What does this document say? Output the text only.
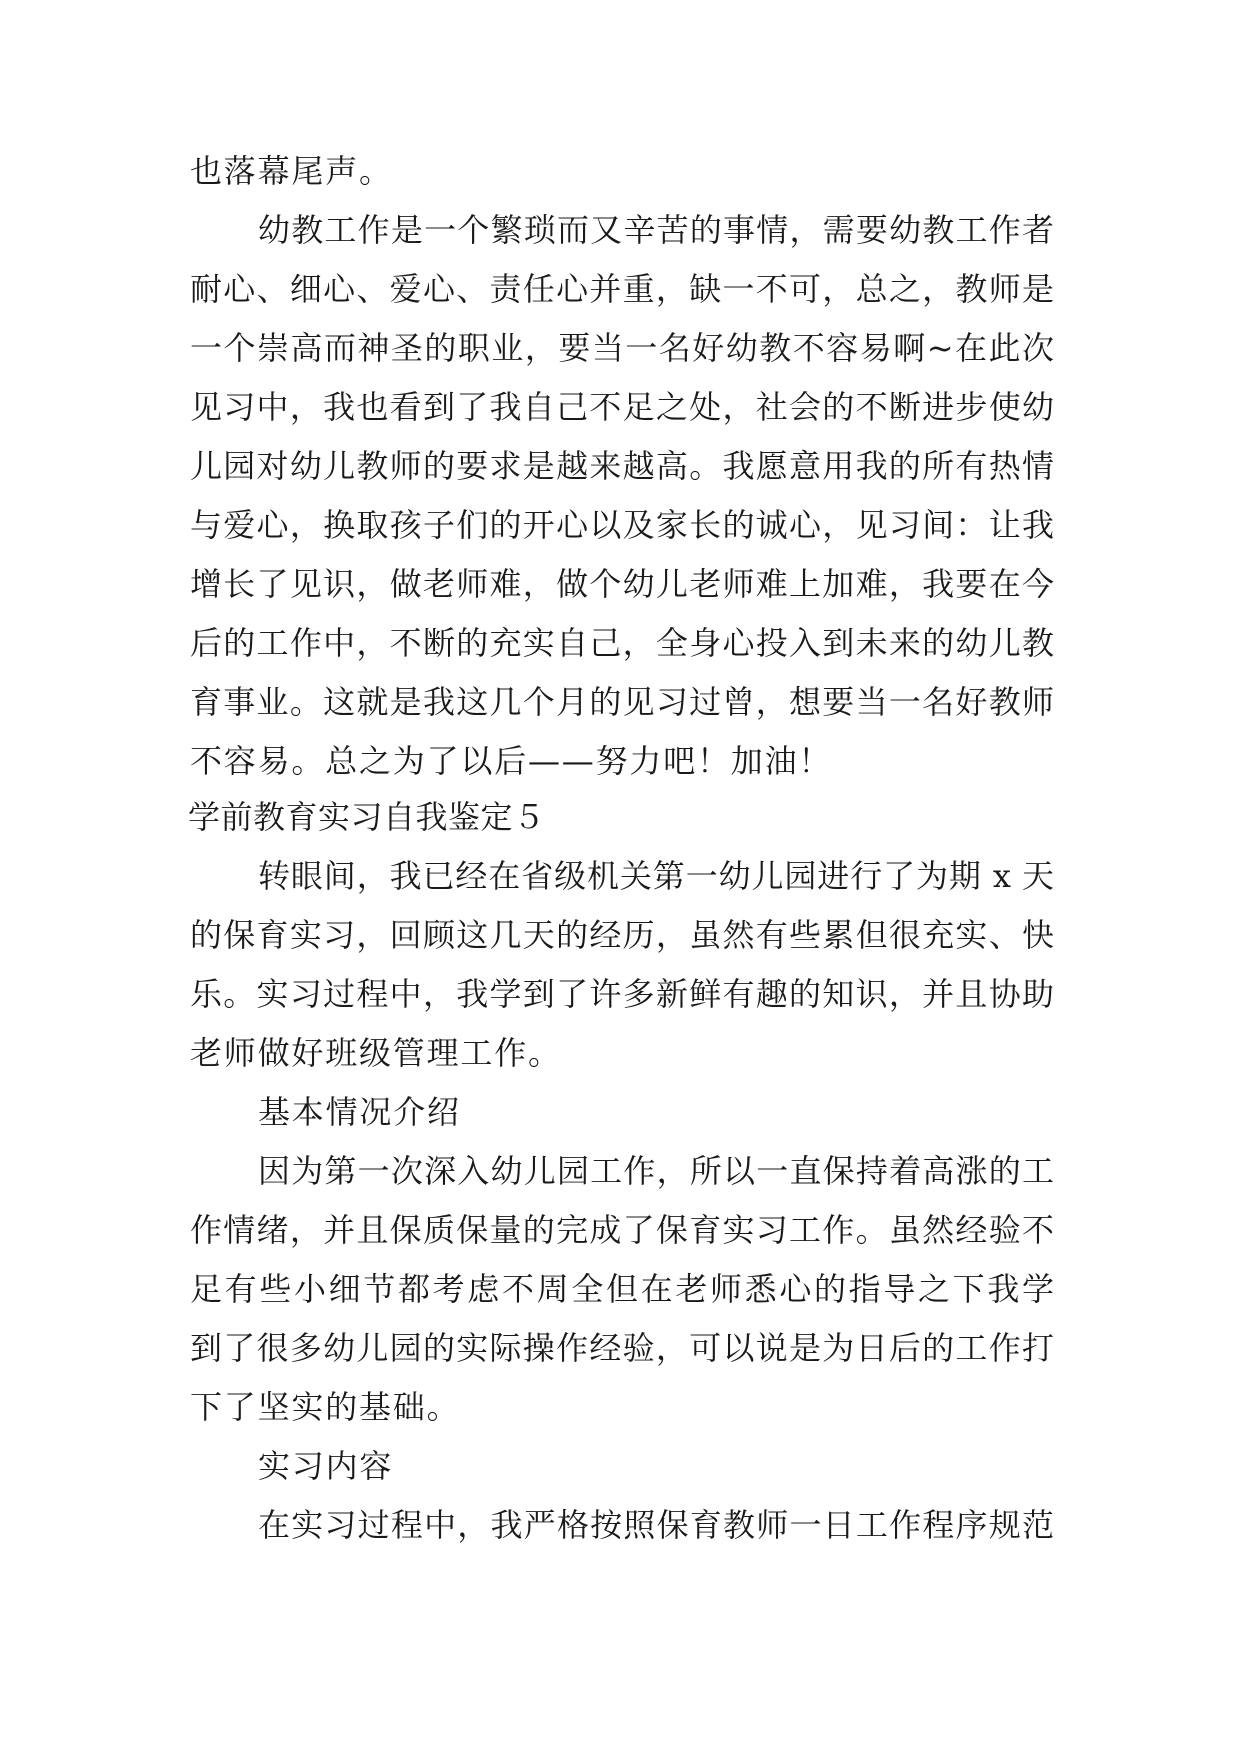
也落幕尾声。
幼教工作是一个繁琐而又辛苦的事情，需要幼教工作者
耐心、细心、爱心、责任心并重，缺一不可，总之，教师是
一个崇高而神圣的职业，要当一名好幼教不容易啊~在此次
见习中，我也看到了我自己不足之处，社会的不断进步使幼
儿园对幼儿教师的要求是越来越高。我愿意用我的所有热情
与爱心，换取孩子们的开心以及家长的诚心，见习间：让我
增长了见识，做老师难，做个幼儿老师难上加难，我要在今
后的工作中，不断的充实自己，全身心投入到未来的幼儿教
育事业。这就是我这几个月的见习过曾，想要当一名好教师
不容易。总之为了以后——努力吧！加油！
学前教育实习自我鉴定５
转眼间，我已经在省级机关第一幼儿园进行了为期 x 天
的保育实习，回顾这几天的经历，虽然有些累但很充实、快
乐。实习过程中，我学到了许多新鲜有趣的知识，并且协助
老师做好班级管理工作。
基本情况介绍
因为第一次深入幼儿园工作，所以一直保持着高涨的工
作情绪，并且保质保量的完成了保育实习工作。虽然经验不
足有些小细节都考虑不周全但在老师悉心的指导之下我学
到了很多幼儿园的实际操作经验，可以说是为日后的工作打
下了坚实的基础。
实习内容
在实习过程中，我严格按照保育教师一日工作程序规范
